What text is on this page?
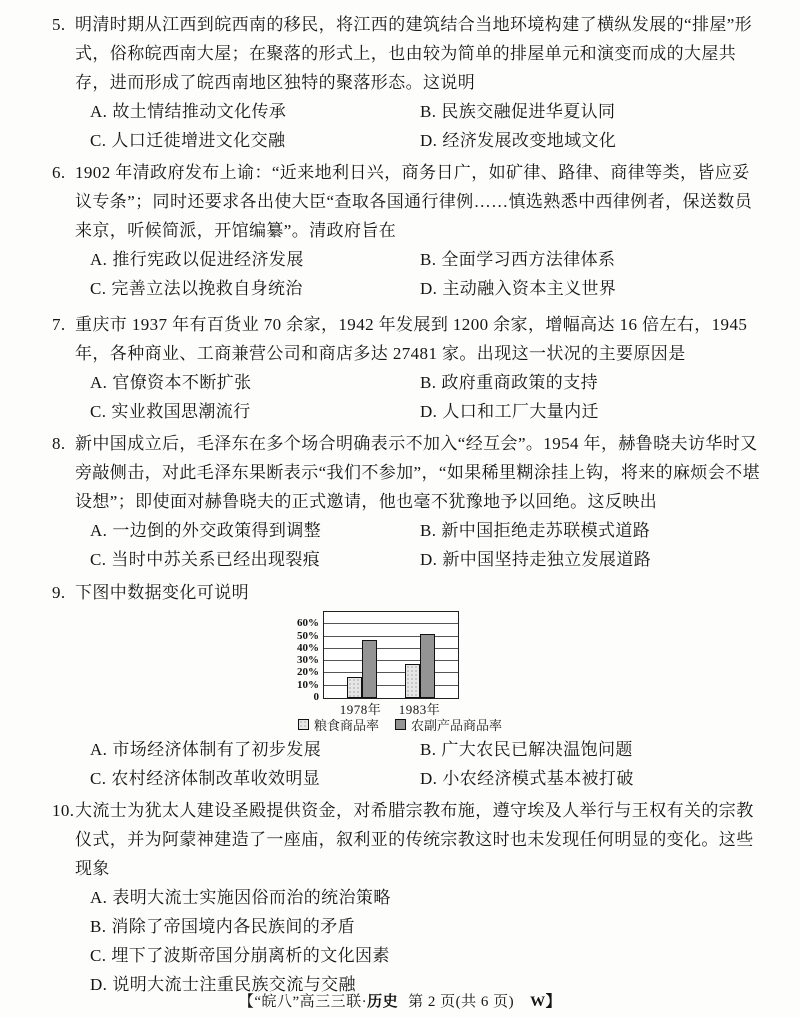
5. 明清时期从江西到皖西南的移民，将江西的建筑结合当地环境构建了横纵发展的“排屋”形式，俗称皖西南大屋；在聚落的形式上，也由较为简单的排屋单元和演变而成的大屋共存，进而形成了皖西南地区独特的聚落形态。这说明
A. 故土情结推动文化传承	B. 民族交融促进华夏认同
C. 人口迁徙增进文化交融	D. 经济发展改变地域文化
6. 1902 年清政府发布上谕：“近来地利日兴，商务日广，如矿律、路律、商律等类，皆应妥议专条”；同时还要求各出使大臣“查取各国通行律例……慎选熟悉中西律例者，保送数员来京，听候简派，开馆编纂”。清政府旨在
A. 推行宪政以促进经济发展	B. 全面学习西方法律体系
C. 完善立法以挽救自身统治	D. 主动融入资本主义世界
7. 重庆市 1937 年有百货业 70 余家，1942 年发展到 1200 余家，增幅高达 16 倍左右，1945 年，各种商业、工商兼营公司和商店多达 27481 家。出现这一状况的主要原因是
A. 官僚资本不断扩张	B. 政府重商政策的支持
C. 实业救国思潮流行	D. 人口和工厂大量内迁
8. 新中国成立后，毛泽东在多个场合明确表示不加入“经互会”。1954 年，赫鲁晓夫访华时又旁敲侧击，对此毛泽东果断表示“我们不参加”，“如果稀里糊涂挂上钩，将来的麻烦会不堪设想”；即使面对赫鲁晓夫的正式邀请，他也毫不犹豫地予以回绝。这反映出
A. 一边倒的外交政策得到调整	B. 新中国拒绝走苏联模式道路
C. 当时中苏关系已经出现裂痕	D. 新中国坚持走独立发展道路
9. 下图中数据变化可说明
0
10%
20%
30%
40%
50%
60%
1978年	1983年
粮食商品率 农副产品商品率
A. 市场经济体制有了初步发展	B. 广大农民已解决温饱问题
C. 农村经济体制改革收效明显	D. 小农经济模式基本被打破
10. 大流士为犹太人建设圣殿提供资金，对希腊宗教布施，遵守埃及人举行与王权有关的宗教仪式，并为阿蒙神建造了一座庙，叙利亚的传统宗教这时也未发现任何明显的变化。这些现象
A. 表明大流士实施因俗而治的统治策略
B. 消除了帝国境内各民族间的矛盾
C. 埋下了波斯帝国分崩离析的文化因素
D. 说明大流士注重民族交流与交融
【“皖八”高三三联·历史 第 2 页(共 6 页) W】
